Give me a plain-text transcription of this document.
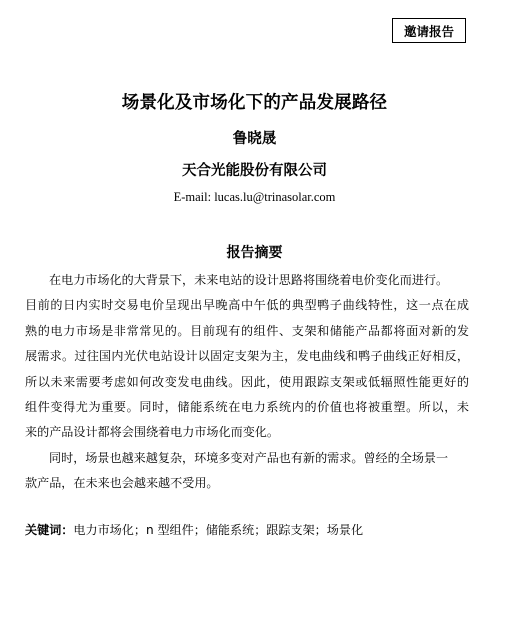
邀请报告
场景化及市场化下的产品发展路径
鲁晓晟
天合光能股份有限公司
E-mail: lucas.lu@trinasolar.com
报告摘要
在电力市场化的大背景下，未来电站的设计思路将围绕着电价变化而进行。
目前的日内实时交易电价呈现出早晚高中午低的典型鸭子曲线特性，这一点在成
熟的电力市场是非常常见的。目前现有的组件、支架和储能产品都将面对新的发
展需求。过往国内光伏电站设计以固定支架为主，发电曲线和鸭子曲线正好相反，
所以未来需要考虑如何改变发电曲线。因此，使用跟踪支架或低辐照性能更好的
组件变得尤为重要。同时，储能系统在电力系统内的价值也将被重塑。所以，未
来的产品设计都将会围绕着电力市场化而变化。
同时，场景也越来越复杂，环境多变对产品也有新的需求。曾经的全场景一
款产品，在未来也会越来越不受用。
关键词：电力市场化；n 型组件；储能系统；跟踪支架；场景化
